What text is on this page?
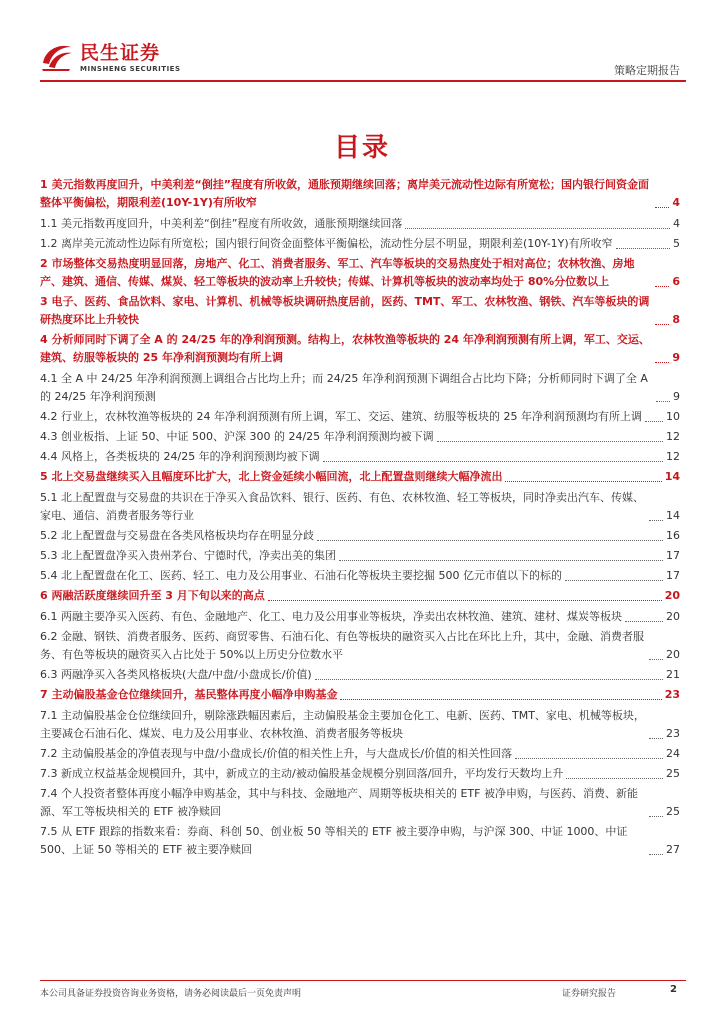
民生证券
MINSHENG SECURITIES	策略定期报告
目录
1 美元指数再度回升，中美利差“倒挂”程度有所收敛，通胀预期继续回落；离岸美元流动性边际有所宽松；国内银行间资金面整体平衡偏松，期限利差(10Y-1Y)有所收窄	4
1.1 美元指数再度回升，中美利差“倒挂”程度有所收敛，通胀预期继续回落	4
1.2 离岸美元流动性边际有所宽松；国内银行间资金面整体平衡偏松，流动性分层不明显，期限利差(10Y-1Y)有所收窄	5
2 市场整体交易热度明显回落，房地产、化工、消费者服务、军工、汽车等板块的交易热度处于相对高位；农林牧渔、房地产、建筑、通信、传媒、煤炭、轻工等板块的波动率上升较快；传媒、计算机等板块的波动率均处于 80%分位数以上	6
3 电子、医药、食品饮料、家电、计算机、机械等板块调研热度居前，医药、TMT、军工、农林牧渔、钢铁、汽车等板块的调研热度环比上升较快	8
4 分析师同时下调了全 A 的 24/25 年的净利润预测。结构上，农林牧渔等板块的 24 年净利润预测有所上调，军工、交运、建筑、纺服等板块的 25 年净利润预测均有所上调	9
4.1 全 A 中 24/25 年净利润预测上调组合占比均上升；而 24/25 年净利润预测下调组合占比均下降；分析师同时下调了全 A 的 24/25 年净利润预测	9
4.2 行业上，农林牧渔等板块的 24 年净利润预测有所上调，军工、交运、建筑、纺服等板块的 25 年净利润预测均有所上调 10
4.3 创业板指、上证 50、中证 500、沪深 300 的 24/25 年净利润预测均被下调	12
4.4 风格上，各类板块的 24/25 年的净利润预测均被下调	12
5 北上交易盘继续买入且幅度环比扩大，北上资金延续小幅回流，北上配置盘则继续大幅净流出	14
5.1 北上配置盘与交易盘的共识在于净买入食品饮料、银行、医药、有色、农林牧渔、轻工等板块，同时净卖出汽车、传媒、家电、通信、消费者服务等行业	14
5.2 北上配置盘与交易盘在各类风格板块均存在明显分歧	16
5.3 北上配置盘净买入贵州茅台、宁德时代，净卖出美的集团	17
5.4 北上配置盘在化工、医药、轻工、电力及公用事业、石油石化等板块主要挖掘 500 亿元市值以下的标的	17
6 两融活跃度继续回升至 3 月下旬以来的高点	20
6.1 两融主要净买入医药、有色、金融地产、化工、电力及公用事业等板块，净卖出农林牧渔、建筑、建材、煤炭等板块	20
6.2 金融、钢铁、消费者服务、医药、商贸零售、石油石化、有色等板块的融资买入占比在环比上升，其中，金融、消费者服务、有色等板块的融资买入占比处于 50%以上历史分位数水平	20
6.3 两融净买入各类风格板块(大盘/中盘/小盘成长/价值)	21
7 主动偏股基金仓位继续回升，基民整体再度小幅净申购基金	23
7.1 主动偏股基金仓位继续回升，剔除涨跌幅因素后，主动偏股基金主要加仓化工、电新、医药、TMT、家电、机械等板块，主要减仓石油石化、煤炭、电力及公用事业、农林牧渔、消费者服务等板块	23
7.2 主动偏股基金的净值表现与中盘/小盘成长/价值的相关性上升，与大盘成长/价值的相关性回落	24
7.3 新成立权益基金规模回升，其中，新成立的主动/被动偏股基金规模分别回落/回升，平均发行天数均上升	25
7.4 个人投资者整体再度小幅净申购基金，其中与科技、金融地产、周期等板块相关的 ETF 被净申购，与医药、消费、新能源、军工等板块相关的 ETF 被净赎回	25
7.5 从 ETF 跟踪的指数来看：券商、科创 50、创业板 50 等相关的 ETF 被主要净申购，与沪深 300、中证 1000、中证 500、上证 50 等相关的 ETF 被主要净赎回	27
本公司具备证券投资咨询业务资格，请务必阅读最后一页免责声明	证券研究报告	2
